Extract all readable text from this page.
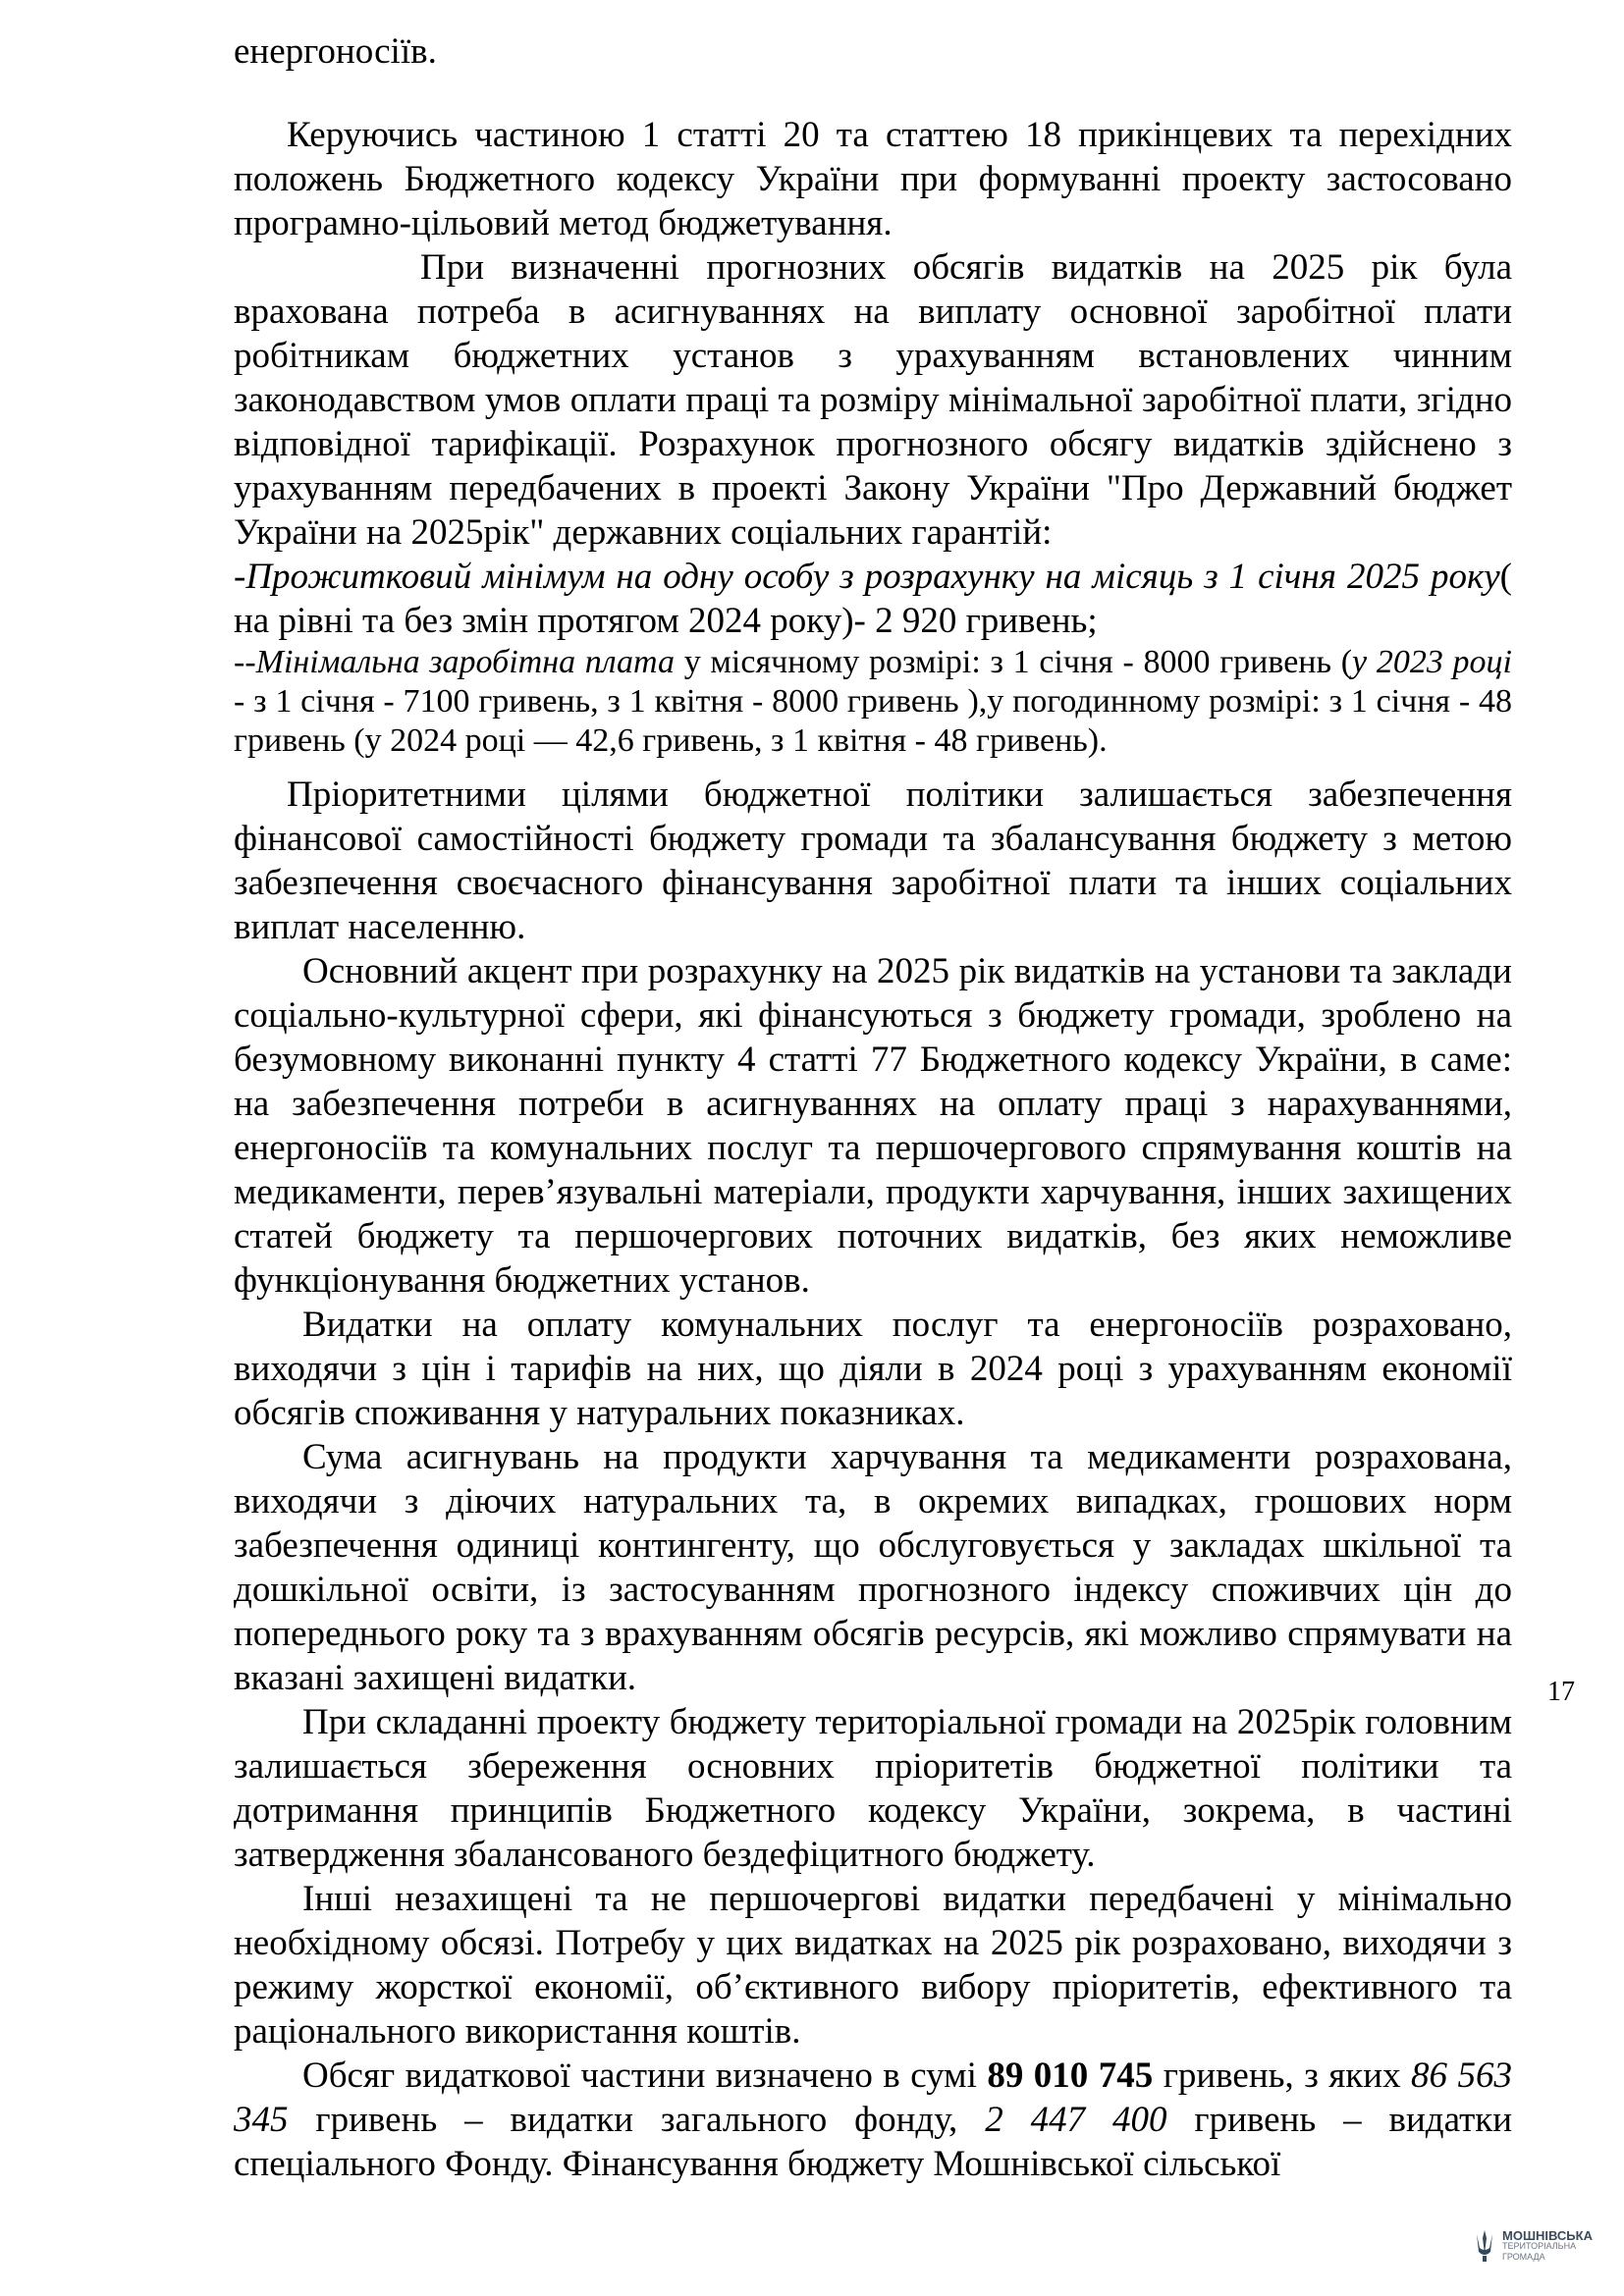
енергоносіїв.

Керуючись частиною 1 статті 20 та статтею 18 прикінцевих та перехідних положень Бюджетного кодексу України при формуванні проекту застосовано програмно-цільовий метод бюджетування.

При визначенні прогнозних обсягів видатків на 2025 рік була врахована потреба в асигнуваннях на виплату основної заробітної плати робітникам бюджетних установ з урахуванням встановлених чинним законодавством умов оплати праці та розміру мінімальної заробітної плати, згідно відповідної тарифікації. Розрахунок прогнозного обсягу видатків здійснено з урахуванням передбачених в проекті Закону України "Про Державний бюджет України на 2025рік" державних соціальних гарантій:

-Прожитковий мінімум на одну особу з розрахунку на місяць з 1 січня 2025 року( на рівні та без змін протягом 2024 року)- 2 920 гривень;

--Мінімальна заробітна плата у місячному розмірі: з 1 січня - 8000 гривень (у 2023 році - з 1 січня - 7100 гривень, з 1 квітня - 8000 гривень ),у погодинному розмірі: з 1 січня - 48 гривень (у 2024 році — 42,6 гривень, з 1 квітня - 48 гривень).

Пріоритетними цілями бюджетної політики залишається забезпечення фінансової самостійності бюджету громади та збалансування бюджету з метою забезпечення своєчасного фінансування заробітної плати та інших соціальних виплат населенню.

Основний акцент при розрахунку на 2025 рік видатків на установи та заклади соціально-культурної сфери, які фінансуються з бюджету громади, зроблено на безумовному виконанні пункту 4 статті 77 Бюджетного кодексу України, в саме: на забезпечення потреби в асигнуваннях на оплату праці з нарахуваннями, енергоносіїв та комунальних послуг та першочергового спрямування коштів на медикаменти, перев’язувальні матеріали, продукти харчування, інших захищених статей бюджету та першочергових поточних видатків, без яких неможливе функціонування бюджетних установ.

Видатки на оплату комунальних послуг та енергоносіїв розраховано, виходячи з цін і тарифів на них, що діяли в 2024 році з урахуванням економії обсягів споживання у натуральних показниках.

Сума асигнувань на продукти харчування та медикаменти розрахована, виходячи з діючих натуральних та, в окремих випадках, грошових норм забезпечення одиниці контингенту, що обслуговується у закладах шкільної та дошкільної освіти, із застосуванням прогнозного індексу споживчих цін до попереднього року та з врахуванням обсягів ресурсів, які можливо спрямувати на вказані захищені видатки.

При складанні проекту бюджету територіальної громади на 2025рік головним залишається збереження основних пріоритетів бюджетної політики та дотримання принципів Бюджетного кодексу України, зокрема, в частині затвердження збалансованого бездефіцитного бюджету.

Інші незахищені та не першочергові видатки передбачені у мінімально необхідному обсязі. Потребу у цих видатках на 2025 рік розраховано, виходячи з режиму жорсткої економії, об’єктивного вибору пріоритетів, ефективного та раціонального використання коштів.

Обсяг видаткової частини визначено в сумі 89 010 745 гривень, з яких 86 563 345 гривень – видатки загального фонду, 2 447 400 гривень – видатки спеціального Фонду. Фінансування бюджету Мошнівської сільської

17
МОШНІВСЬКА
ТЕРИТОРІАЛЬНА
ГРОМАДА
